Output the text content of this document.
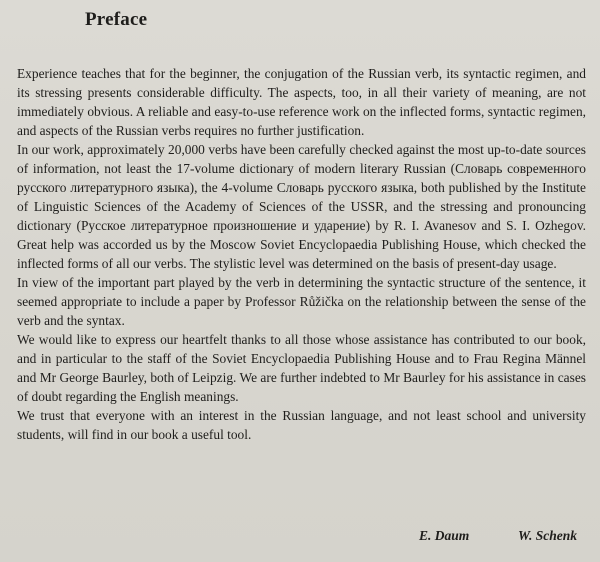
Preface

Experience teaches that for the beginner, the conjugation of the Russian verb, its syntactic regimen, and its stressing presents considerable difficulty. The aspects, too, in all their variety of meaning, are not immediately obvious. A reliable and easy-to-use reference work on the inflected forms, syntactic regimen, and aspects of the Russian verbs requires no further justification.

In our work, approximately 20,000 verbs have been carefully checked against the most up-to-date sources of information, not least the 17-volume dictionary of modern literary Russian (Словарь современного русского литературного языка), the 4-volume Словарь русского языка, both published by the Institute of Linguistic Sciences of the Academy of Sciences of the USSR, and the stressing and pronouncing dictionary (Русское литературное произношение и ударение) by R. I. Avanesov and S. I. Ozhegov. Great help was accorded us by the Moscow Soviet Encyclopaedia Publishing House, which checked the inflected forms of all our verbs. The stylistic level was determined on the basis of present-day usage.

In view of the important part played by the verb in determining the syntactic structure of the sentence, it seemed appropriate to include a paper by Professor Růžička on the relationship between the sense of the verb and the syntax.

We would like to express our heartfelt thanks to all those whose assistance has contributed to our book, and in particular to the staff of the Soviet Encyclopaedia Publishing House and to Frau Regina Männel and Mr George Baurley, both of Leipzig. We are further indebted to Mr Baurley for his assistance in cases of doubt regarding the English meanings.

We trust that everyone with an interest in the Russian language, and not least school and university students, will find in our book a useful tool.

E. Daum	W. Schenk
